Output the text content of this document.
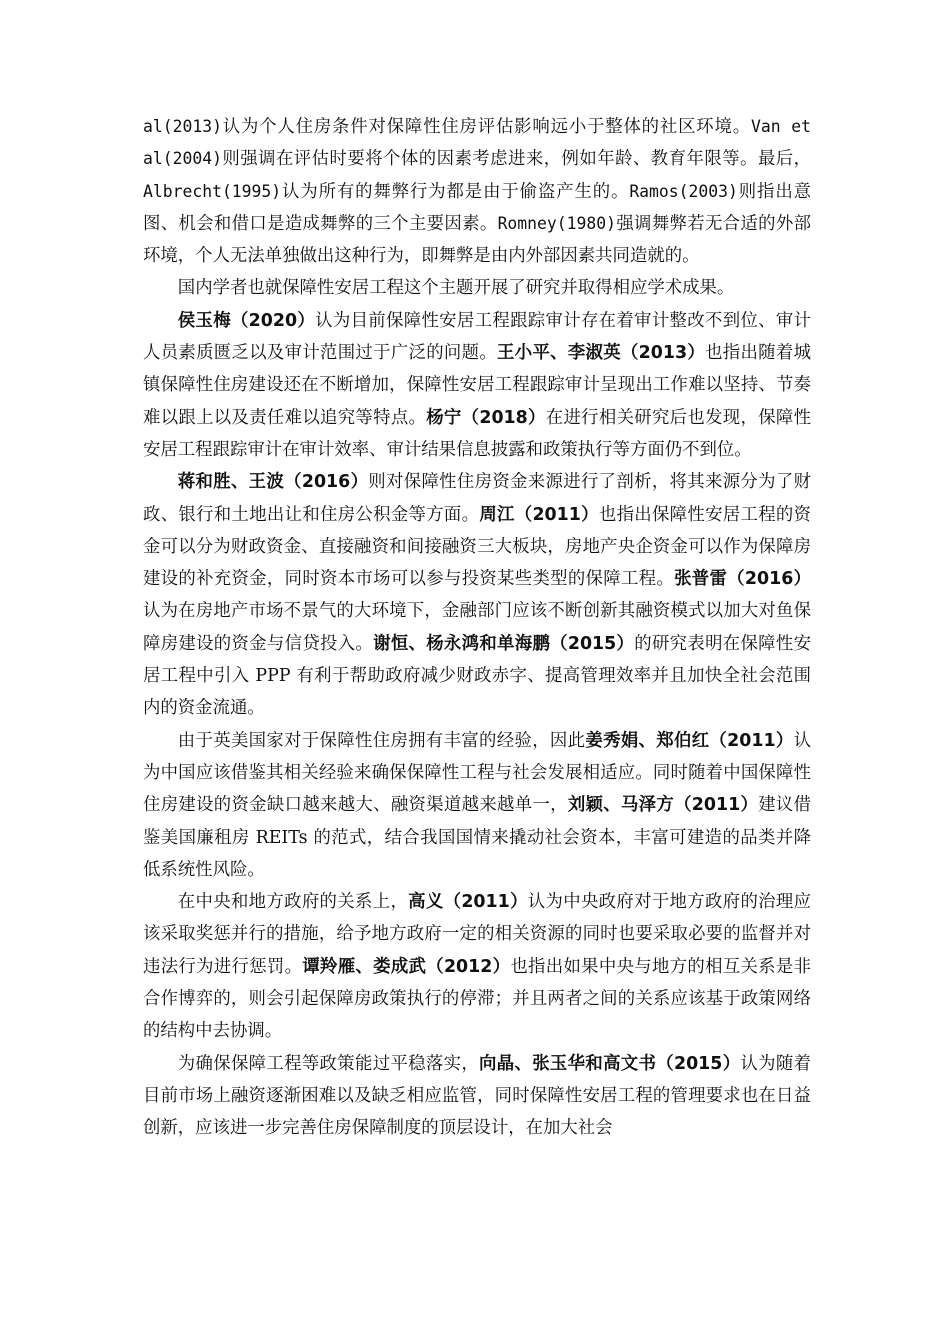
al(2013)认为个人住房条件对保障性住房评估影响远小于整体的社区环境。Van et al(2004)则强调在评估时要将个体的因素考虑进来，例如年龄、教育年限等。最后，Albrecht(1995)认为所有的舞弊行为都是由于偷盗产生的。Ramos(2003)则指出意图、机会和借口是造成舞弊的三个主要因素。Romney(1980)强调舞弊若无合适的外部环境，个人无法单独做出这种行为，即舞弊是由内外部因素共同造就的。

国内学者也就保障性安居工程这个主题开展了研究并取得相应学术成果。

侯玉梅（2020）认为目前保障性安居工程跟踪审计存在着审计整改不到位、审计人员素质匮乏以及审计范围过于广泛的问题。王小平、李淑英（2013）也指出随着城镇保障性住房建设还在不断增加，保障性安居工程跟踪审计呈现出工作难以坚持、节奏难以跟上以及责任难以追究等特点。杨宁（2018）在进行相关研究后也发现，保障性安居工程跟踪审计在审计效率、审计结果信息披露和政策执行等方面仍不到位。

蒋和胜、王波（2016）则对保障性住房资金来源进行了剖析，将其来源分为了财政、银行和土地出让和住房公积金等方面。周江（2011）也指出保障性安居工程的资金可以分为财政资金、直接融资和间接融资三大板块，房地产央企资金可以作为保障房建设的补充资金，同时资本市场可以参与投资某些类型的保障工程。张普雷（2016）认为在房地产市场不景气的大环境下，金融部门应该不断创新其融资模式以加大对鱼保障房建设的资金与信贷投入。谢恒、杨永鸿和单海鹏（2015）的研究表明在保障性安居工程中引入 PPP 有利于帮助政府减少财政赤字、提高管理效率并且加快全社会范围内的资金流通。

由于英美国家对于保障性住房拥有丰富的经验，因此姜秀娟、郑伯红（2011）认为中国应该借鉴其相关经验来确保保障性工程与社会发展相适应。同时随着中国保障性住房建设的资金缺口越来越大、融资渠道越来越单一，刘颖、马泽方（2011）建议借鉴美国廉租房 REITs 的范式，结合我国国情来撬动社会资本，丰富可建造的品类并降低系统性风险。

在中央和地方政府的关系上，高义（2011）认为中央政府对于地方政府的治理应该采取奖惩并行的措施，给予地方政府一定的相关资源的同时也要采取必要的监督并对违法行为进行惩罚。谭羚雁、娄成武（2012）也指出如果中央与地方的相互关系是非合作博弈的，则会引起保障房政策执行的停滞；并且两者之间的关系应该基于政策网络的结构中去协调。

为确保保障工程等政策能过平稳落实，向晶、张玉华和高文书（2015）认为随着目前市场上融资逐渐困难以及缺乏相应监管，同时保障性安居工程的管理要求也在日益创新，应该进一步完善住房保障制度的顶层设计，在加大社会
